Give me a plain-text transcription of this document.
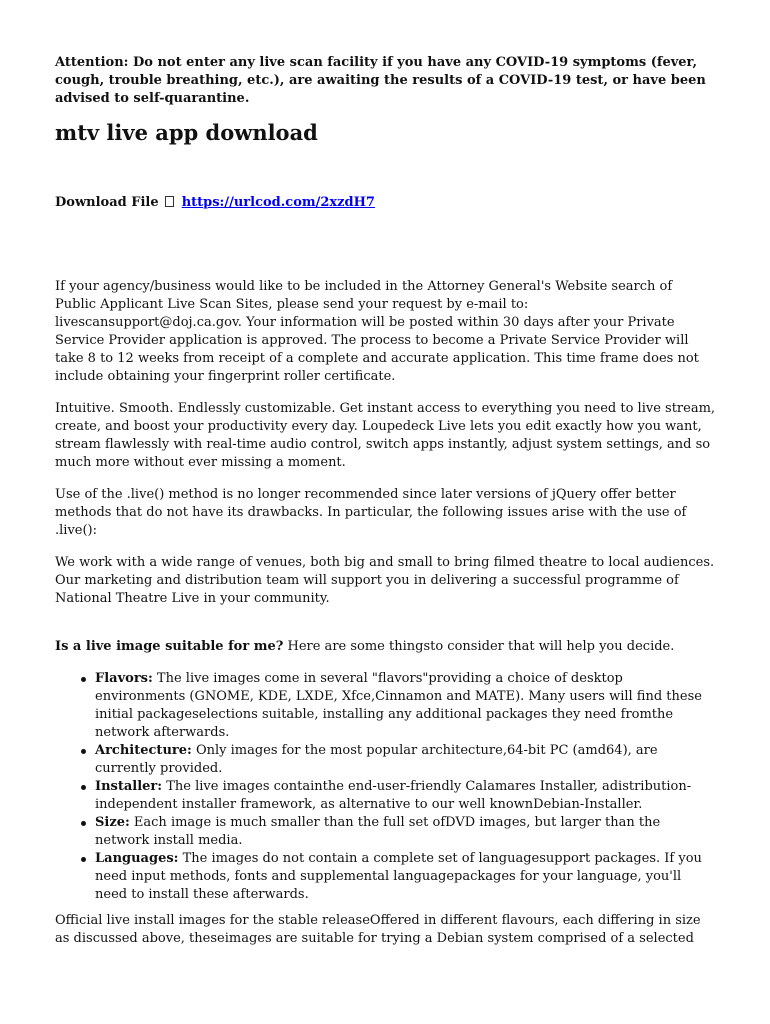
Attention: Do not enter any live scan facility if you have any COVID-19 symptoms (fever, cough, trouble breathing, etc.), are awaiting the results of a COVID-19 test, or have been advised to self-quarantine.

mtv live app download
Download File https://urlcod.com/2xzdH7

If your agency/business would like to be included in the Attorney General's Website search of Public Applicant Live Scan Sites, please send your request by e-mail to: livescansupport@doj.ca.gov. Your information will be posted within 30 days after your Private Service Provider application is approved. The process to become a Private Service Provider will take 8 to 12 weeks from receipt of a complete and accurate application. This time frame does not include obtaining your fingerprint roller certificate.

Intuitive. Smooth. Endlessly customizable. Get instant access to everything you need to live stream, create, and boost your productivity every day. Loupedeck Live lets you edit exactly how you want, stream flawlessly with real-time audio control, switch apps instantly, adjust system settings, and so much more without ever missing a moment.

Use of the .live() method is no longer recommended since later versions of jQuery offer better methods that do not have its drawbacks. In particular, the following issues arise with the use of .live():

We work with a wide range of venues, both big and small to bring filmed theatre to local audiences. Our marketing and distribution team will support you in delivering a successful programme of National Theatre Live in your community.

Is a live image suitable for me? Here are some thingsto consider that will help you decide.

Flavors: The live images come in several "flavors"providing a choice of desktop environments (GNOME, KDE, LXDE, Xfce,Cinnamon and MATE). Many users will find these initial packageselections suitable, installing any additional packages they need fromthe network afterwards.
Architecture: Only images for the most popular architecture,64-bit PC (amd64), are currently provided.
Installer: The live images containthe end-user-friendly Calamares Installer, adistribution-independent installer framework, as alternative to our well knownDebian-Installer.
Size: Each image is much smaller than the full set ofDVD images, but larger than the network install media.
Languages: The images do not contain a complete set of languagesupport packages. If you need input methods, fonts and supplemental languagepackages for your language, you'll need to install these afterwards.

Official live install images for the stable releaseOffered in different flavours, each differing in size as discussed above, theseimages are suitable for trying a Debian system comprised of a selected
